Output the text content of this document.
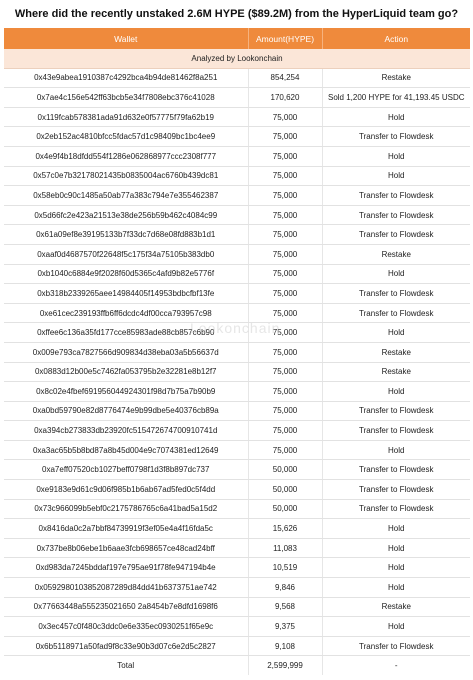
Where did the recently unstaked 2.6M HYPE ($89.2M) from the HyperLiquid team go?
Wallet	Amount(HYPE)	Action
Analyzed by Lookonchain		
0x43e9abea1910387c4292bca4b94de81462f8a251	854,254	Restake
0x7ae4c156e542ff63bcb5e34f7808ebc376c41028	170,620	Sold 1,200 HYPE for 41,193.45 USDC
0x119fcab578381ada91d632e0f57775f79fa62b19	75,000	Hold
0x2eb152ac4810bfcc5fdac57d1c98409bc1bc4ee9	75,000	Transfer to Flowdesk
0x4e9f4b18dfdd554f1286e062868977ccc2308f777	75,000	Hold
0x57c0e7b32178021435b0835004ac6760b439dc81	75,000	Hold
0x58eb0c90c1485a50ab77a383c794e7e355462387	75,000	Transfer to Flowdesk
0x5d66fc2e423a21513e38de256b59b462c4084c99	75,000	Transfer to Flowdesk
0x61a09ef8e39195133b7f33dc7d68e08fd883b1d1	75,000	Transfer to Flowdesk
0xaaf0d4687570f22648f5c175f34a75105b383db0	75,000	Restake
0xb1040c6884e9f2028f60d5365c4afd9b82e5776f	75,000	Hold
0xb318b2339265aee14984405f14953bdbcfbf13fe	75,000	Transfer to Flowdesk
0xe61cec239193ffb6ff6dcdc4df00cca793957c98	75,000	Transfer to Flowdesk
0xffee6c136a35fd177cce85983ade88cb857c6b90	75,000	Hold
0x009e793ca7827566d909834d38eba03a5b56637d	75,000	Restake
0x0883d12b00e5c7462fa053795b2e32281e8b12f7	75,000	Restake
0x8c02e4fbef691956044924301f98d7b75a7b90b9	75,000	Hold
0xa0bd59790e82d8776474e9b99dbe5e40376cb89a	75,000	Transfer to Flowdesk
0xa394cb273833db23920fc515472674700910741d	75,000	Transfer to Flowdesk
0xa3ac65b5b8bd87a8b45d004e9c7074381ed12649	75,000	Hold
0xa7eff07520cb1027beff0798f1d3f8b897dc737	50,000	Transfer to Flowdesk
0xe9183e9d61c9d06f985b1b6ab67ad5fed0c5f4dd	50,000	Transfer to Flowdesk
0x73c966099b5ebf0c2175786765c6a41bad5a15d2	50,000	Transfer to Flowdesk
0x8416da0c2a7bbf84739919f3ef05e4a4f16fda5c	15,626	Hold
0x737be8b06ebe1b6aae3fcb698657ce48cad24bff	11,083	Hold
0xd983da7245bddaf197e795ae91f78fe947194b4e	10,519	Hold
0x0592980103852087289d84dd41b6373751ae742	9,846	Hold
0x77663448a555235021650 2a8454b7e8dfd1698f6	9,568	Restake
0x3ec457c0f480c3ddc0e6e335ec0930251f65e9c	9,375	Hold
0x6b5118971a50fad9f8c33e90b3d07c6e2d5c2827	9,108	Transfer to Flowdesk
Total	2,599,999	-
Lookonchain
